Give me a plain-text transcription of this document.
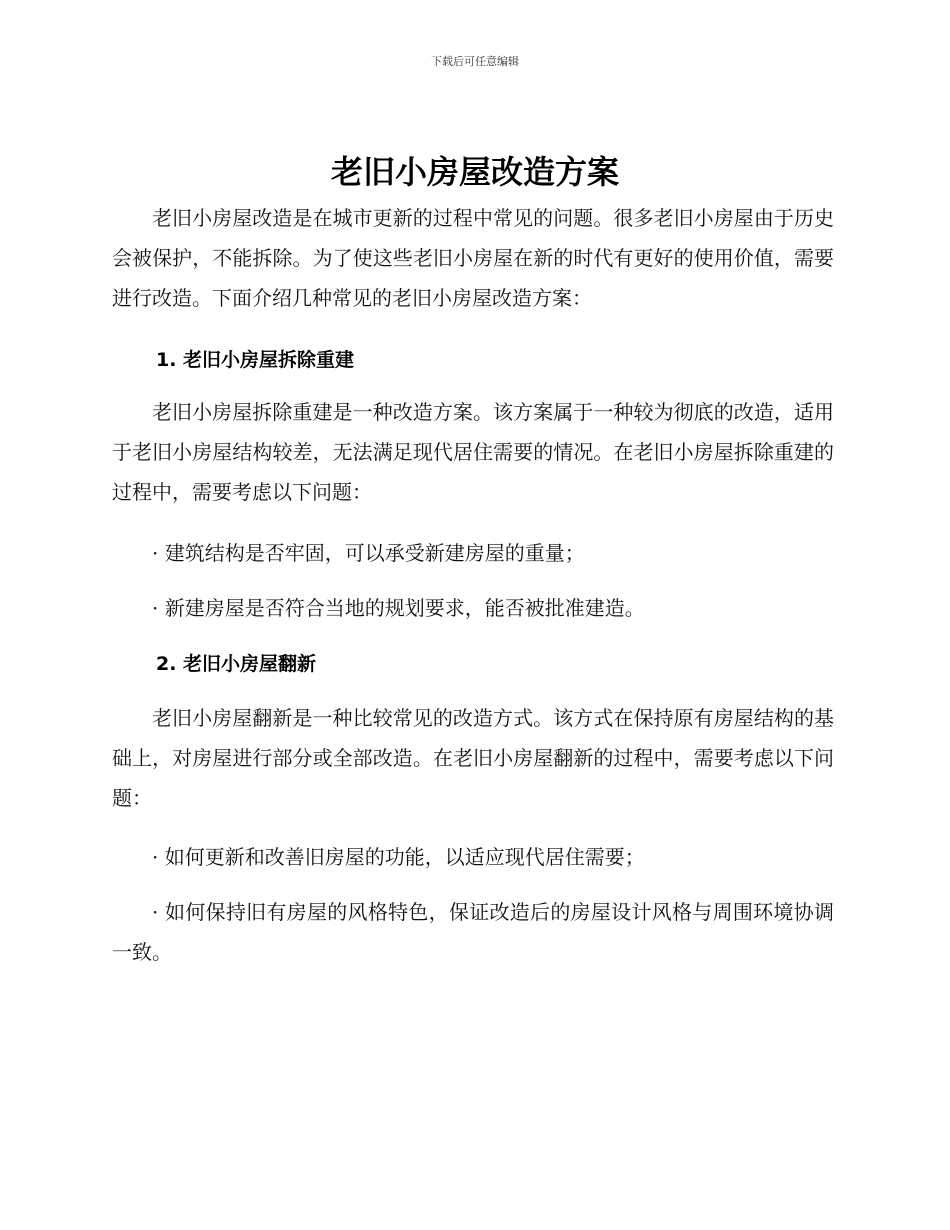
下载后可任意编辑
老旧小房屋改造方案

老旧小房屋改造是在城市更新的过程中常见的问题。很多老旧小房屋由于历史会被保护，不能拆除。为了使这些老旧小房屋在新的时代有更好的使用价值，需要进行改造。下面介绍几种常见的老旧小房屋改造方案：

1. 老旧小房屋拆除重建

老旧小房屋拆除重建是一种改造方案。该方案属于一种较为彻底的改造，适用于老旧小房屋结构较差，无法满足现代居住需要的情况。在老旧小房屋拆除重建的过程中，需要考虑以下问题：

· 建筑结构是否牢固，可以承受新建房屋的重量；

· 新建房屋是否符合当地的规划要求，能否被批准建造。

2. 老旧小房屋翻新

老旧小房屋翻新是一种比较常见的改造方式。该方式在保持原有房屋结构的基础上，对房屋进行部分或全部改造。在老旧小房屋翻新的过程中，需要考虑以下问题：

· 如何更新和改善旧房屋的功能，以适应现代居住需要；

· 如何保持旧有房屋的风格特色，保证改造后的房屋设计风格与周围环境协调一致。
